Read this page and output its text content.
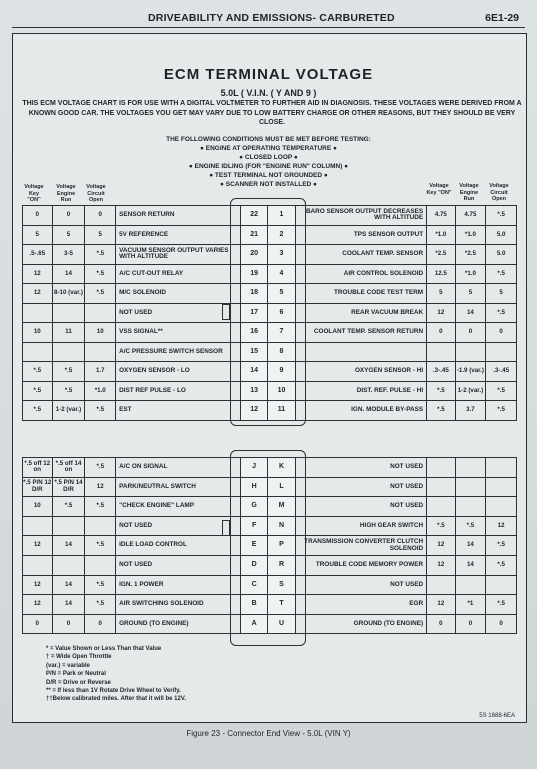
DRIVEABILITY AND EMISSIONS- CARBURETED	6E1-29
ECM TERMINAL VOLTAGE
5.0L ( V.I.N. ( Y AND 9 )
THIS ECM VOLTAGE CHART IS FOR USE WITH A DIGITAL VOLTMETER TO FURTHER AID IN DIAGNOSIS. THESE VOLTAGES WERE DERIVED FROM A KNOWN GOOD CAR. THE VOLTAGES YOU GET MAY VARY DUE TO LOW BATTERY CHARGE OR OTHER REASONS, BUT THEY SHOULD BE VERY CLOSE.
THE FOLLOWING CONDITIONS MUST BE MET BEFORE TESTING:
● ENGINE AT OPERATING TEMPERATURE ●
● CLOSED LOOP ●
● ENGINE IDLING (FOR "ENGINE RUN" COLUMN) ●
● TEST TERMINAL NOT GROUNDED ●
● SCANNER NOT INSTALLED ●
Voltage Key "ON"
Voltage Engine Run
Voltage Circuit Open
Voltage Key "ON"
Voltage Engine Run
Voltage Circuit Open
0	0	0	SENSOR RETURN	22	1	BARO SENSOR OUTPUT DECREASES WITH ALTITUDE	4.75	4.75	*.5
5	5	5	5V REFERENCE	21	2	TPS SENSOR OUTPUT	*1.0	*1.0	5.0
.5-.65	3-5	*.5	VACUUM SENSOR OUTPUT VARIES WITH ALTITUDE	20	3	COOLANT TEMP. SENSOR	*2.5	*2.5	5.0
12	14	*.5	A/C CUT-OUT RELAY	19	4	AIR CONTROL SOLENOID	12.5	*1.0	*.5
12	8-10 (var.)	*.5	M/C SOLENOID	18	5	TROUBLE CODE TEST TERM	5	5	5
			NOT USED	17	6	REAR VACUUM BREAK	12	14	*.5
10	11	10	VSS SIGNAL**	16	7	COOLANT TEMP. SENSOR RETURN	0	0	0
			A/C PRESSURE SWITCH SENSOR	15	8				
*.5	*.5	1.7	OXYGEN SENSOR - LO	14	9	OXYGEN SENSOR - HI	.3-.45	-1.9 (var.)	.3-.45
*.5	*.5	*1.0	DIST REF PULSE - LO	13	10	DIST. REF. PULSE - HI	*.5	1-2 (var.)	*.5
*.5	1-2 (var.)	*.5	EST	12	11	IGN. MODULE BY-PASS	*.5	3.7	*.5
*.5 off 12 on	*.5 off 14 on	*.5	A/C ON SIGNAL	J	K	NOT USED			
*.5 P/N 12 D/R	*.5 P/N 14 D/R	12	PARK/NEUTRAL SWITCH	H	L	NOT USED			
10	*.5	*.5	"CHECK ENGINE" LAMP	G	M	NOT USED			
			NOT USED	F	N	HIGH GEAR SWITCH	*.5	*.5	12
12	14	*.5	IDLE LOAD CONTROL	E	P	TRANSMISSION CONVERTER CLUTCH SOLENOID	12	14	*.5
			NOT USED	D	R	TROUBLE CODE MEMORY POWER	12	14	*.5
12	14	*.5	IGN. 1 POWER	C	S	NOT USED			
12	14	*.5	AIR SWITCHING SOLENOID	B	T	EGR	12	*1	*.5
0	0	0	GROUND (TO ENGINE)	A	U	GROUND (TO ENGINE)	0	0	0
* = Value Shown or Less Than that Value
† = Wide Open Throttle
(var.) = variable
P/N = Park or Neutral
D/R = Drive or Reverse
** = If less than 1V Rotate Drive Wheel to Verify.
††Below calibrated miles. After that it will be 12V.
5S 1688-6EA
Figure 23 - Connector End View - 5.0L (VIN Y)
